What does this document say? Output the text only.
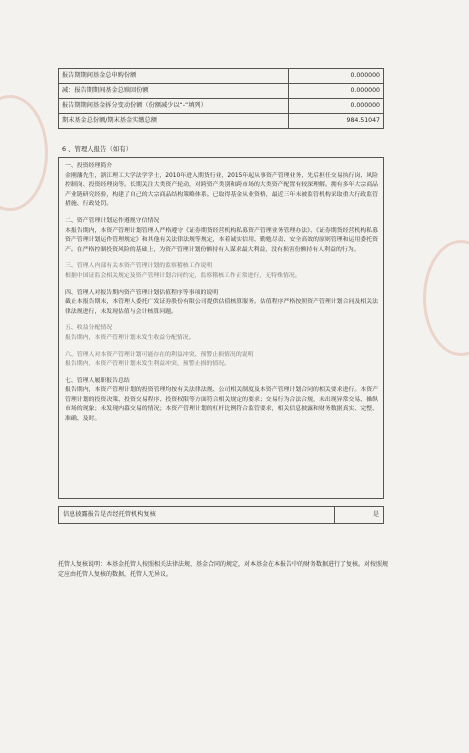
报告期期间基金总申购份额	0.000000
减：报告期期间基金总赎回份额	0.000000
报告期期间基金拆分变动份额（份额减少以“-”填列）	0.000000
期末基金总份额/期末基金实缴总额	984.51047
6 、管理人报告（如有）
一、投资经理简介
金刚藩先生，浙江理工大学法学学士，2010年进入期货行业，2015年起从事资产管理业务，先后担任交易执行岗、风险控制岗、投资经理岗等。长期关注大类资产轮动，对跨资产类别和跨市场的大类资产配置有较深理解。拥有多年大宗商品产业链研究经验，构建了自己的大宗商品结构策略体系。已取得基金从业资格，最近三年未被监管机构采取重大行政监管措施、行政处罚。
二、资产管理计划运作遵规守信情况
本报告期内，本资产管理计划管理人严格遵守《证券期货经营机构私募资产管理业务管理办法》、《证券期货经营机构私募资产管理计划运作管理规定》和其他有关法律法规等规定，本着诚实信用、勤勉尽责、安全高效的原则管理和运用委托资产。在严格控制投资风险的基础上，为资产管理计划份额持有人谋求最大利益，没有损害份额持有人利益的行为。
三、管理人内部有关本资产管理计划的监察稽核工作说明
根据中国证监会相关规定及资产管理计划合同约定，监察稽核工作正常进行，无特殊情况。
四、管理人对报告期内资产管理计划估值程序等事项的说明
截止本报告期末，本管理人委托广发证券股份有限公司提供估值核算服务。估值程序严格按照资产管理计划合同及相关法律法规进行，未发现估值与会计核算问题。
五、收益分配情况
报告期内，本资产管理计划未发生收益分配情况。
六、管理人对本资产管理计划可能存在的利益冲突、预警止损情况的说明
报告期内，本资产管理计划未发生利益冲突、预警止损的情况。
七、管理人履职报告总结
报告期内，本资产管理计划的投资管理均按有关法律法规、公司相关制度及本资产管理计划合同的相关要求进行。本资产管理计划的投资决策、投资交易程序、投资权限等方面符合相关规定的要求；交易行为合法合规，未出现异常交易、操纵市场的现象；未发现内幕交易的情况；本资产管理计划的杠杆比例符合监管要求，相关信息披露和财务数据真实、完整、准确、及时。
信息披露报告是否经托管机构复核	是
托管人复核说明：本基金托管人按照相关法律法规、基金合同的规定，对本基金在本报告中的财务数据进行了复核。对按照规定应由托管人复核的数据，托管人无异议。
